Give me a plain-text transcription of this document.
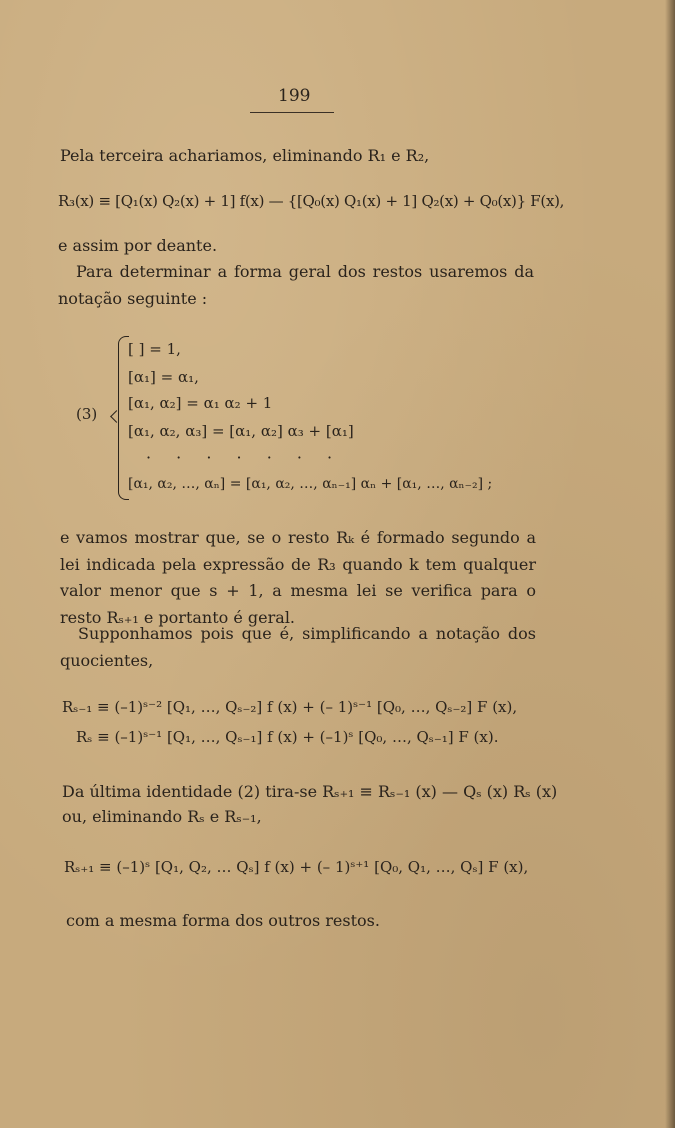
199

Pela terceira achariamos, eliminando R₁ e R₂,

R₃(x) ≡ [Q₁(x) Q₂(x) + 1] f(x) — {[Q₀(x) Q₁(x) + 1] Q₂(x) + Q₀(x)} F(x),

e assim por deante.

Para determinar a forma geral dos restos usaremos da notação seguinte :

(3)
[ ] = 1,
[α₁] = α₁,
[α₁, α₂] = α₁ α₂ + 1
[α₁, α₂, α₃] = [α₁, α₂] α₃ + [α₁]
· · · · · · ·
[α₁, α₂, …, αₙ] = [α₁, α₂, …, αₙ₋₁] αₙ + [α₁, …, αₙ₋₂] ;

e vamos mostrar que, se o resto Rₖ é formado segundo a lei indicada pela expressão de R₃ quando k tem qualquer valor menor que s + 1, a mesma lei se verifica para o resto Rₛ₊₁ e portanto é geral.

Supponhamos pois que é, simplificando a notação dos quocientes,

Rₛ₋₁ ≡ (–1)ˢ⁻² [Q₁, …, Qₛ₋₂] f (x) + (– 1)ˢ⁻¹ [Q₀, …, Qₛ₋₂] F (x),
Rₛ ≡ (–1)ˢ⁻¹ [Q₁, …, Qₛ₋₁] f (x) + (–1)ˢ [Q₀, …, Qₛ₋₁] F (x).

Da última identidade (2) tira-se Rₛ₊₁ ≡ Rₛ₋₁ (x) — Qₛ (x) Rₛ (x)

ou, eliminando Rₛ e Rₛ₋₁,

Rₛ₊₁ ≡ (–1)ˢ [Q₁, Q₂, … Qₛ] f (x) + (– 1)ˢ⁺¹ [Q₀, Q₁, …, Qₛ] F (x),

com a mesma forma dos outros restos.
